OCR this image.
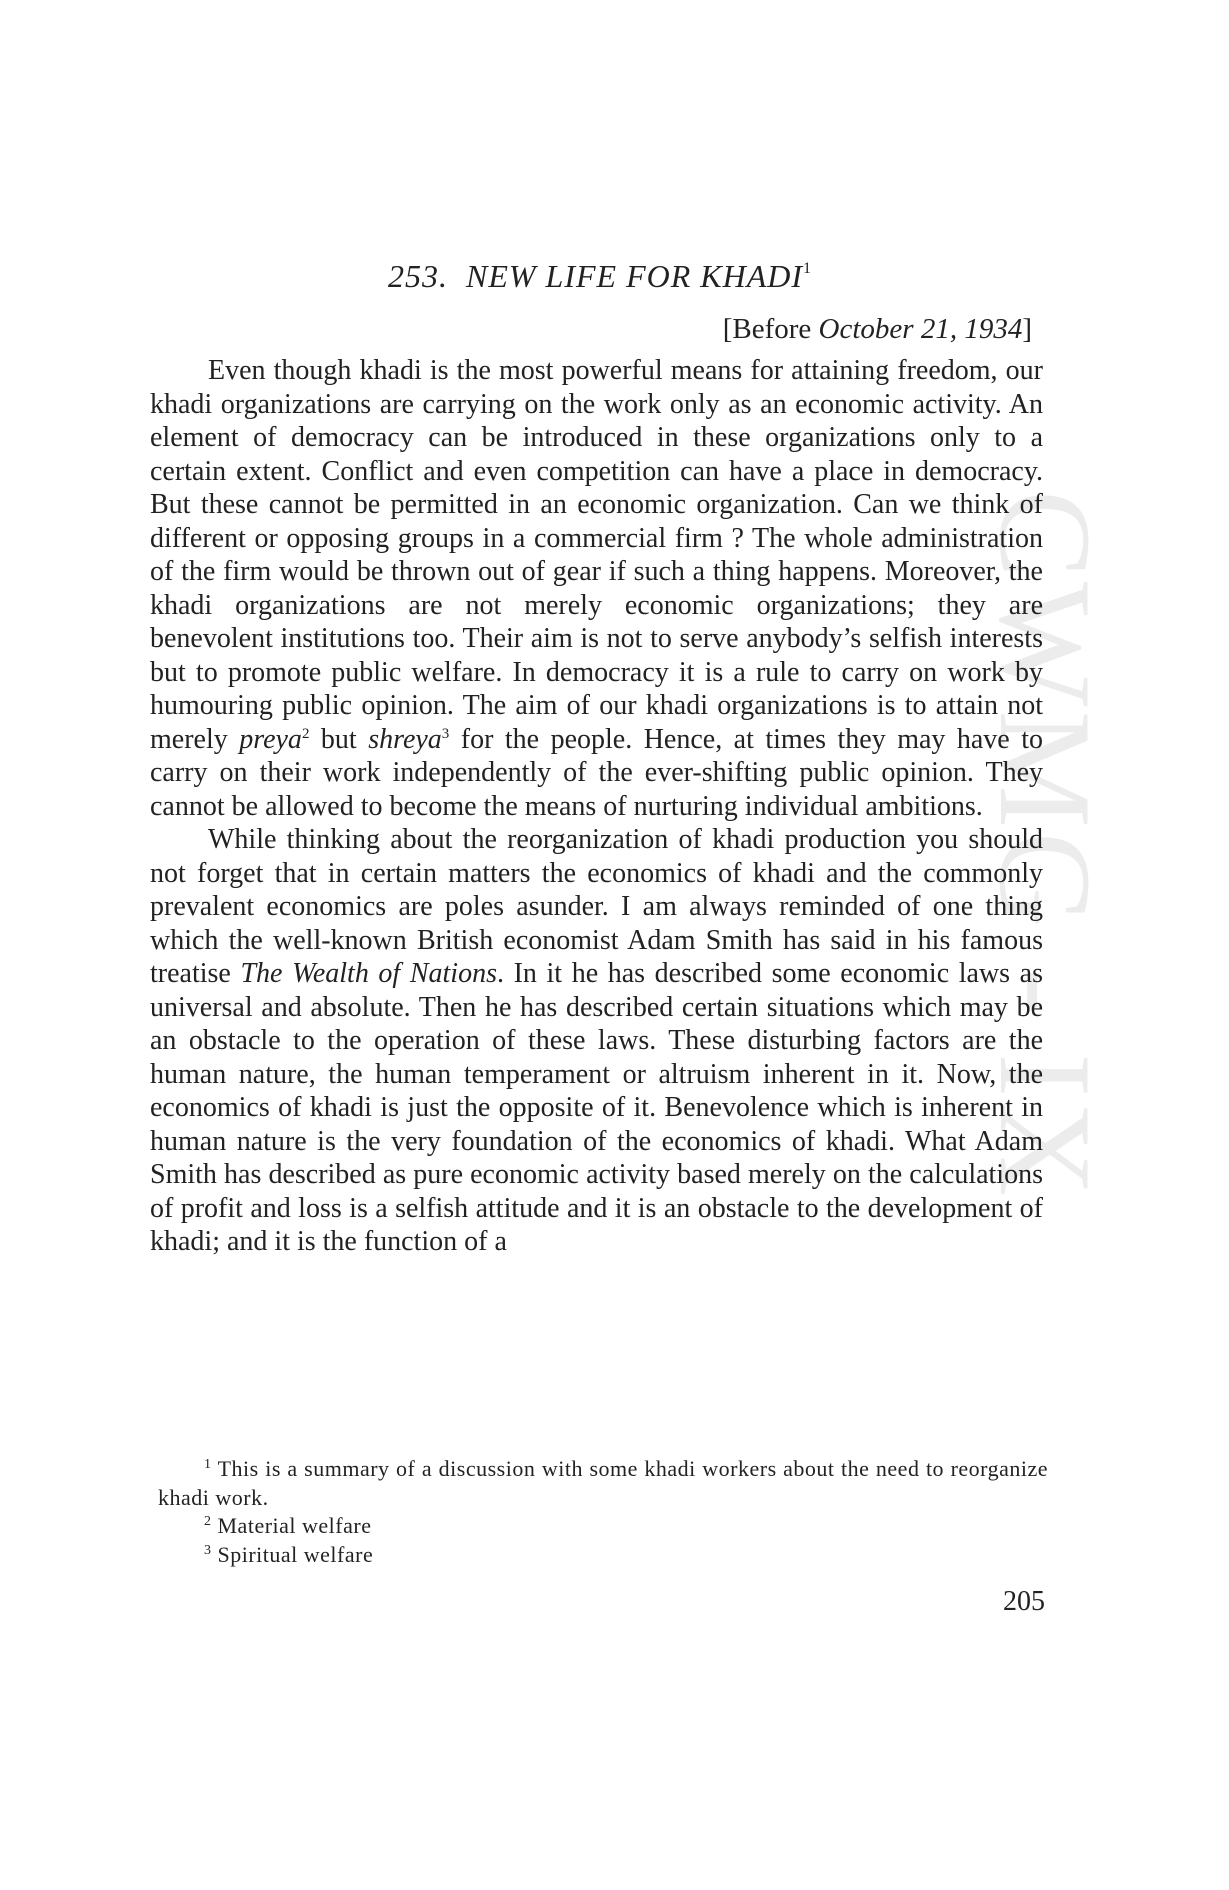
CWMG - IX
253. NEW LIFE FOR KHADI$^1$
[Before October 21, 1934]

Even though khadi is the most powerful means for attaining freedom, our khadi organizations are carrying on the work only as an economic activity. An element of democracy can be introduced in these organizations only to a certain extent. Conflict and even competition can have a place in democracy. But these cannot be permitted in an economic organization. Can we think of different or opposing groups in a commercial firm ? The whole administration of the firm would be thrown out of gear if such a thing happens. Moreover, the khadi organizations are not merely economic organizations; they are benevolent institutions too. Their aim is not to serve anybody’s selfish interests but to promote public welfare. In democracy it is a rule to carry on work by humouring public opinion. The aim of our khadi organizations is to attain not merely preya$^2$ but shreya$^3$ for the people. Hence, at times they may have to carry on their work independently of the ever-shifting public opinion. They cannot be allowed to become the means of nurturing individual ambitions.

While thinking about the reorganization of khadi production you should not forget that in certain matters the economics of khadi and the commonly prevalent economics are poles asunder. I am always reminded of one thing which the well-known British economist Adam Smith has said in his famous treatise The Wealth of Nations. In it he has described some economic laws as universal and absolute. Then he has described certain situations which may be an obstacle to the operation of these laws. These disturbing factors are the human nature, the human temperament or altruism inherent in it. Now, the economics of khadi is just the opposite of it. Benevolence which is inherent in human nature is the very foundation of the economics of khadi. What Adam Smith has described as pure economic activity based merely on the calculations of profit and loss is a selfish attitude and it is an obstacle to the development of khadi; and it is the function of a

$^1$ This is a summary of a discussion with some khadi workers about the need to reorganize khadi work.

$^2$ Material welfare

$^3$ Spiritual welfare

205
